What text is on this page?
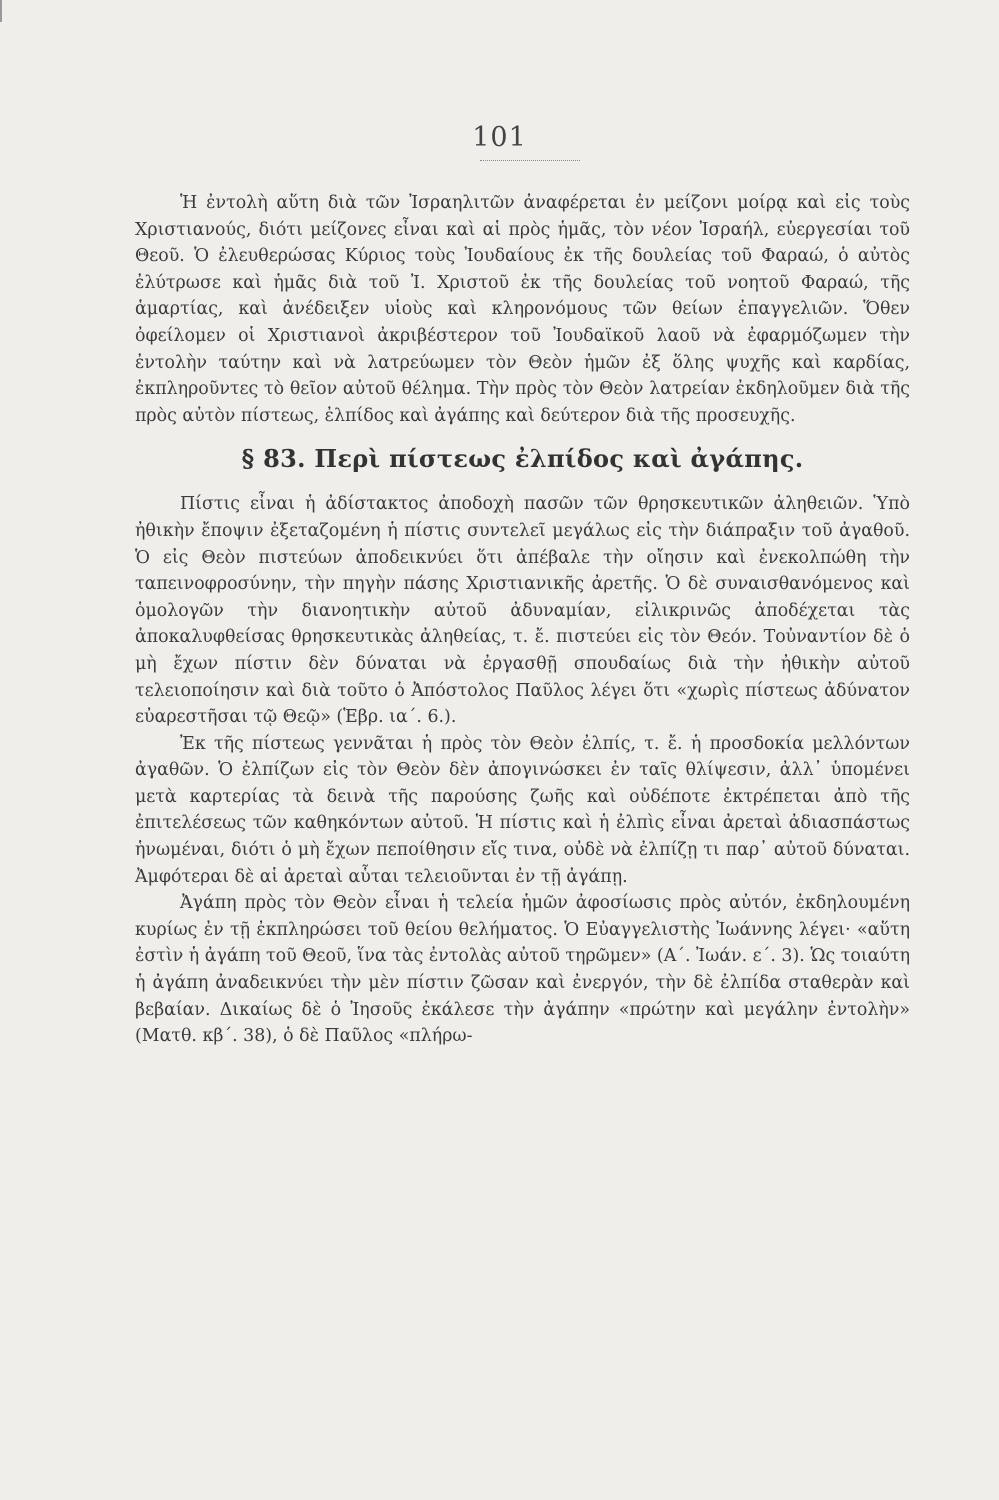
101

Ἡ ἐντολὴ αὕτη διὰ τῶν Ἰσραηλιτῶν ἀναφέρεται ἐν μείζονι μοίρᾳ καὶ εἰς τοὺς Χριστιανούς, διότι μείζονες εἶναι καὶ αἱ πρὸς ἡμᾶς, τὸν νέον Ἰσραήλ, εὐεργεσίαι τοῦ Θεοῦ. Ὁ ἐλευθερώσας Κύριος τοὺς Ἰουδαίους ἐκ τῆς δουλείας τοῦ Φαραώ, ὁ αὐτὸς ἐλύτρωσε καὶ ἡμᾶς διὰ τοῦ Ἰ. Χριστοῦ ἐκ τῆς δουλείας τοῦ νοητοῦ Φαραώ, τῆς ἁμαρτίας, καὶ ἀνέδειξεν υἱοὺς καὶ κληρονόμους τῶν θείων ἐπαγγελιῶν. Ὅθεν ὀφείλομεν οἱ Χριστιανοὶ ἀκριβέστερον τοῦ Ἰουδαϊκοῦ λαοῦ νὰ ἐφαρμόζωμεν τὴν ἐντολὴν ταύτην καὶ νὰ λατρεύωμεν τὸν Θεὸν ἡμῶν ἐξ ὅλης ψυχῆς καὶ καρδίας, ἐκπληροῦντες τὸ θεῖον αὐτοῦ θέλημα. Τὴν πρὸς τὸν Θεὸν λατρείαν ἐκδηλοῦμεν διὰ τῆς πρὸς αὐτὸν πίστεως, ἐλπίδος καὶ ἀγάπης καὶ δεύτερον διὰ τῆς προσευχῆς.

§ 83. Περὶ πίστεως ἐλπίδος καὶ ἀγάπης.

Πίστις εἶναι ἡ ἀδίστακτος ἀποδοχὴ πασῶν τῶν θρησκευτικῶν ἀληθειῶν. Ὑπὸ ἠθικὴν ἔποψιν ἐξεταζομένη ἡ πίστις συντελεῖ μεγάλως εἰς τὴν διάπραξιν τοῦ ἀγαθοῦ. Ὁ εἰς Θεὸν πιστεύων ἀποδεικνύει ὅτι ἀπέβαλε τὴν οἴησιν καὶ ἐνεκολπώθη τὴν ταπεινοφροσύνην, τὴν πηγὴν πάσης Χριστιανικῆς ἀρετῆς. Ὁ δὲ συναισθανόμενος καὶ ὁμολογῶν τὴν διανοητικὴν αὐτοῦ ἀδυναμίαν, εἰλικρινῶς ἀποδέχεται τὰς ἀποκαλυφθείσας θρησκευτικὰς ἀληθείας, τ. ἔ. πιστεύει εἰς τὸν Θεόν. Τοὐναντίον δὲ ὁ μὴ ἔχων πίστιν δὲν δύναται νὰ ἐργασθῇ σπουδαίως διὰ τὴν ἠθικὴν αὐτοῦ τελειοποίησιν καὶ διὰ τοῦτο ὁ Ἀπόστολος Παῦλος λέγει ὅτι «χωρὶς πίστεως ἀδύνατον εὐαρεστῆσαι τῷ Θεῷ» (Ἑβρ. ια΄. 6.).

Ἐκ τῆς πίστεως γεννᾶται ἡ πρὸς τὸν Θεὸν ἐλπίς, τ. ἔ. ἡ προσδοκία μελλόντων ἀγαθῶν. Ὁ ἐλπίζων εἰς τὸν Θεὸν δὲν ἀπογινώσκει ἐν ταῖς θλίψεσιν, ἀλλ᾽ ὑπομένει μετὰ καρτερίας τὰ δεινὰ τῆς παρούσης ζωῆς καὶ οὐδέποτε ἐκτρέπεται ἀπὸ τῆς ἐπιτελέσεως τῶν καθηκόντων αὐτοῦ. Ἡ πίστις καὶ ἡ ἐλπὶς εἶναι ἀρεταὶ ἀδιασπάστως ἡνωμέναι, διότι ὁ μὴ ἔχων πεποίθησιν εἴς τινα, οὐδὲ νὰ ἐλπίζῃ τι παρ᾽ αὐτοῦ δύναται. Ἀμφότεραι δὲ αἱ ἀρεταὶ αὗται τελειοῦνται ἐν τῇ ἀγάπῃ.

Ἀγάπη πρὸς τὸν Θεὸν εἶναι ἡ τελεία ἡμῶν ἀφοσίωσις πρὸς αὐτόν, ἐκδηλουμένη κυρίως ἐν τῇ ἐκπληρώσει τοῦ θείου θελήματος. Ὁ Εὐαγγελιστὴς Ἰωάννης λέγει· «αὕτη ἐστὶν ἡ ἀγάπη τοῦ Θεοῦ, ἵνα τὰς ἐντολὰς αὐτοῦ τηρῶμεν» (Α΄. Ἰωάν. ε΄. 3). Ὡς τοιαύτη ἡ ἀγάπη ἀναδεικνύει τὴν μὲν πίστιν ζῶσαν καὶ ἐνεργόν, τὴν δὲ ἐλπίδα σταθερὰν καὶ βεβαίαν. Δικαίως δὲ ὁ Ἰησοῦς ἐκάλεσε τὴν ἀγάπην «πρώτην καὶ μεγάλην ἐντολὴν» (Ματθ. κβ΄. 38), ὁ δὲ Παῦλος «πλήρω-
